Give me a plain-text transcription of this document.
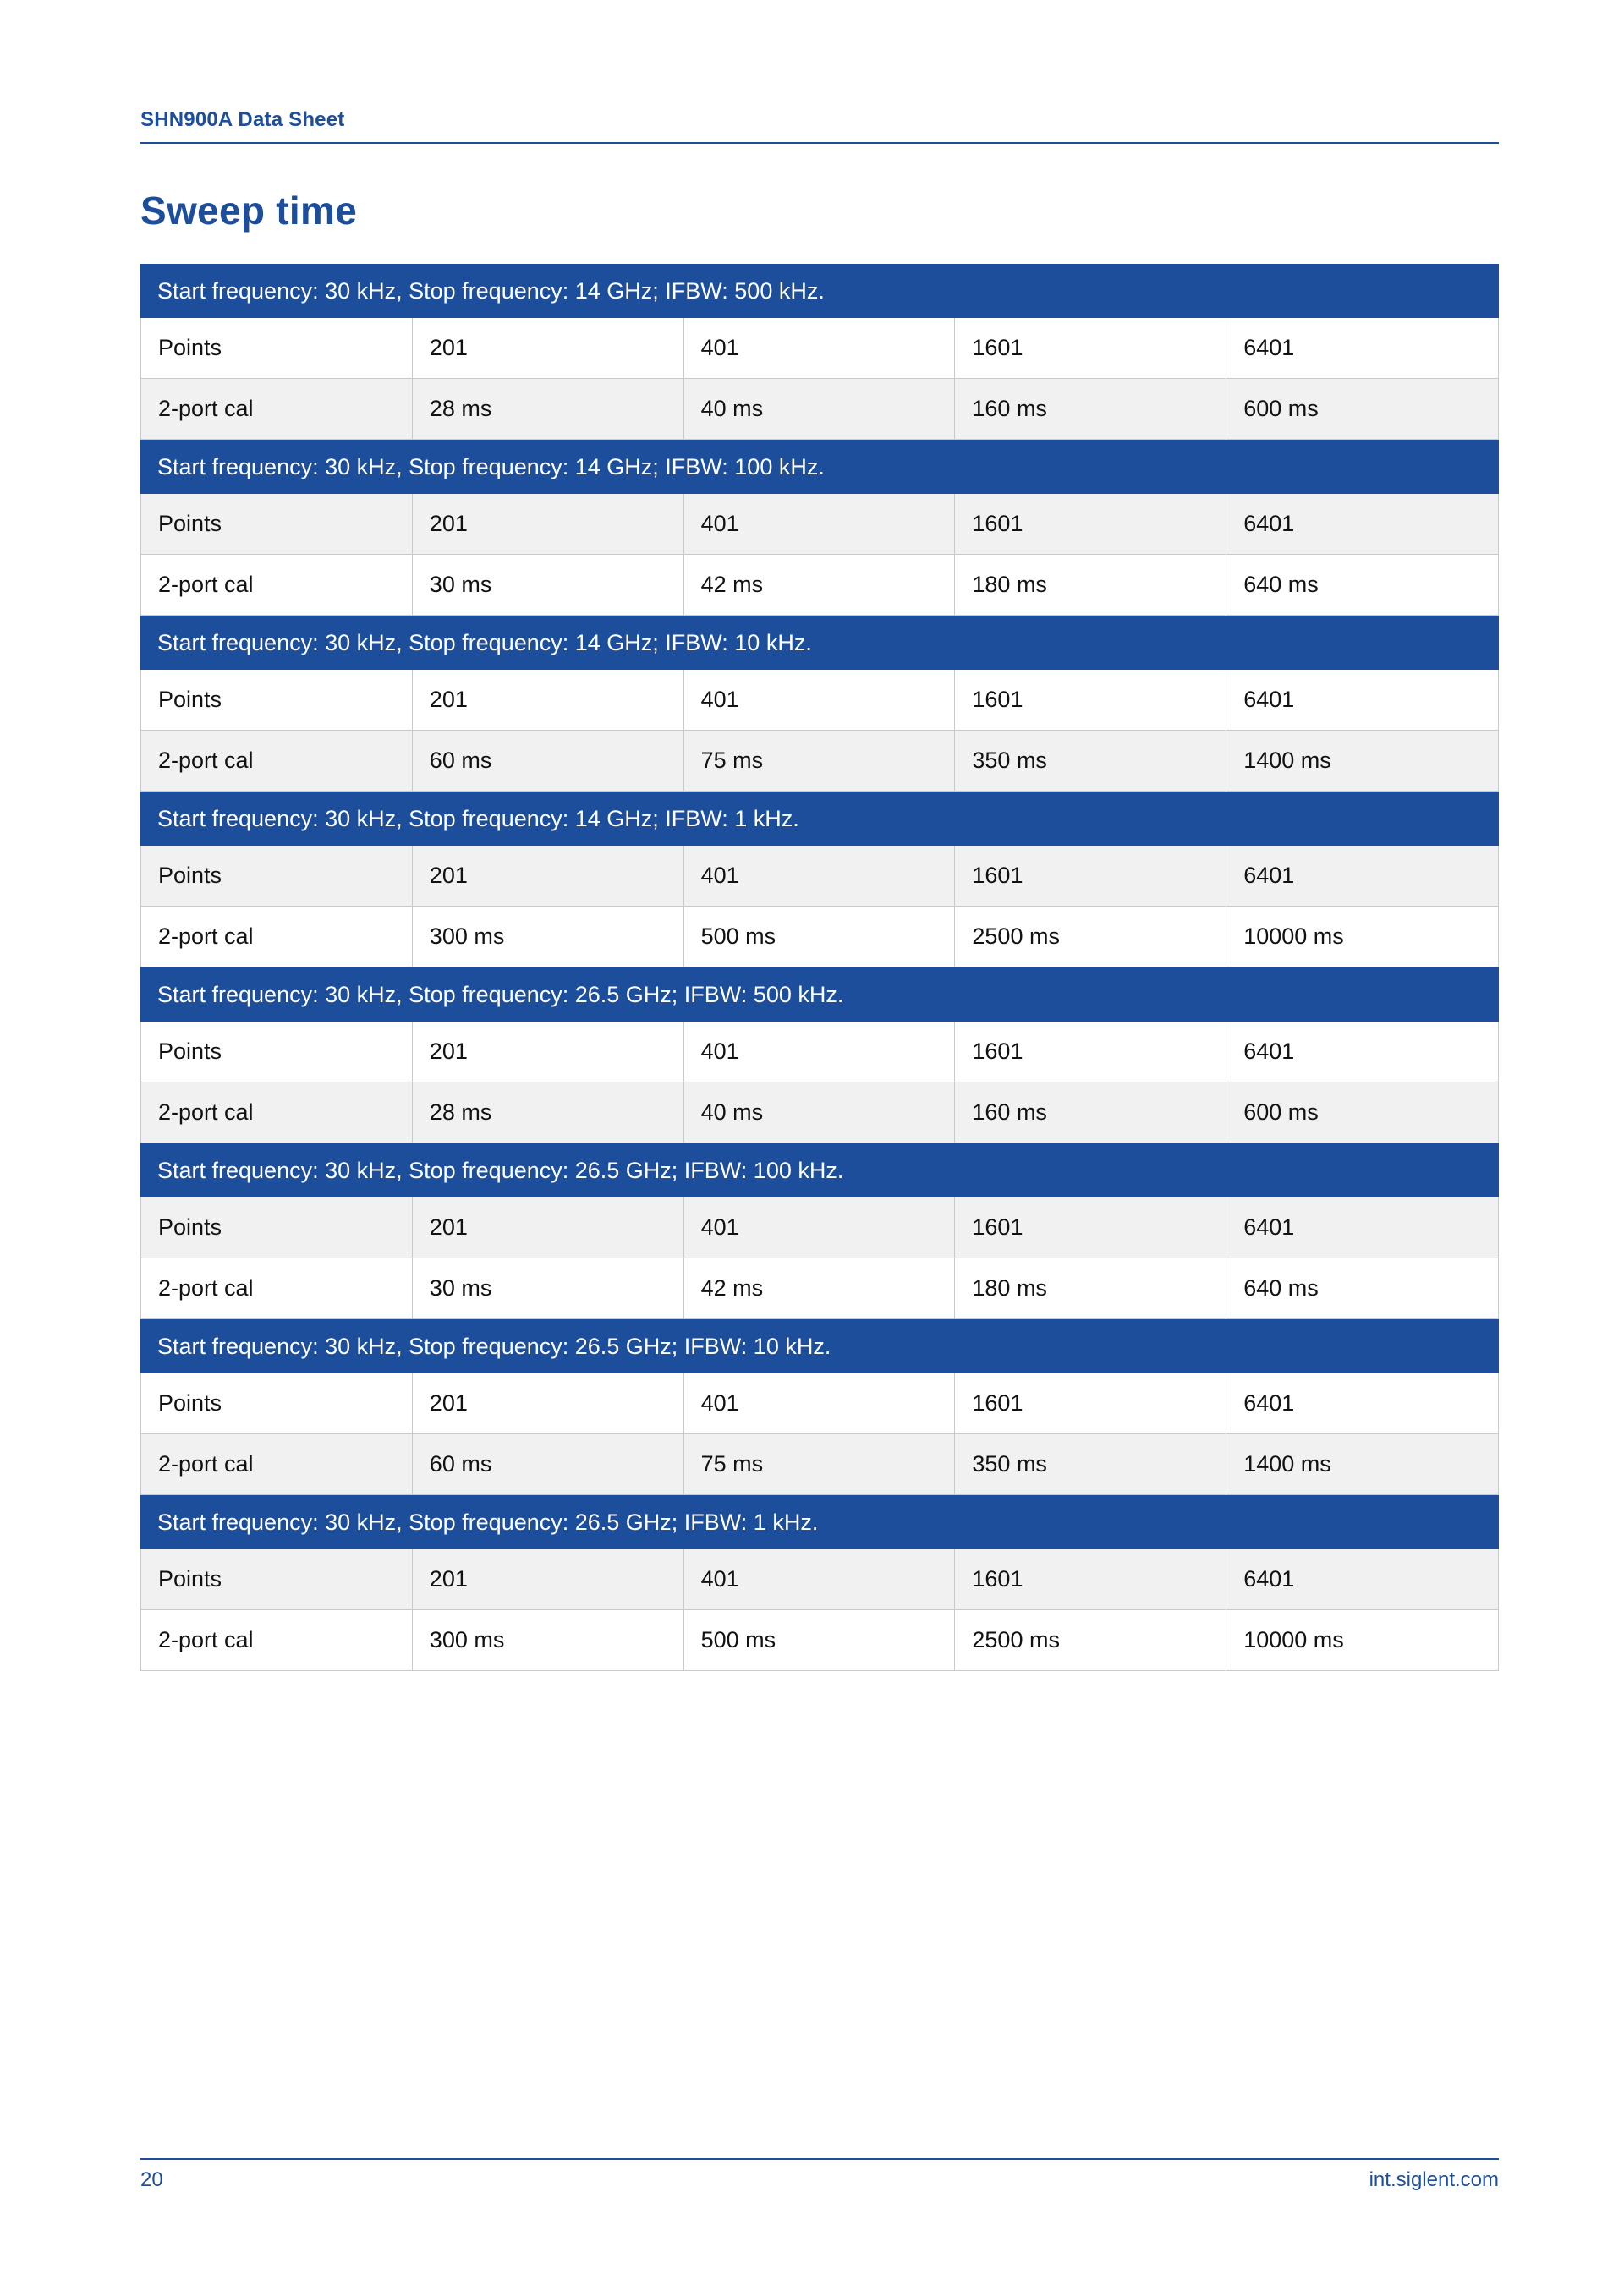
SHN900A Data Sheet
Sweep time
Start frequency: 30 kHz, Stop frequency: 14 GHz; IFBW: 500 kHz.
Points	201	401	1601	6401
2-port cal	28 ms	40 ms	160 ms	600 ms
Start frequency: 30 kHz, Stop frequency: 14 GHz; IFBW: 100 kHz.
Points	201	401	1601	6401
2-port cal	30 ms	42 ms	180 ms	640 ms
Start frequency: 30 kHz, Stop frequency: 14 GHz; IFBW: 10 kHz.
Points	201	401	1601	6401
2-port cal	60 ms	75 ms	350 ms	1400 ms
Start frequency: 30 kHz, Stop frequency: 14 GHz; IFBW: 1 kHz.
Points	201	401	1601	6401
2-port cal	300 ms	500 ms	2500 ms	10000 ms
Start frequency: 30 kHz, Stop frequency: 26.5 GHz; IFBW: 500 kHz.
Points	201	401	1601	6401
2-port cal	28 ms	40 ms	160 ms	600 ms
Start frequency: 30 kHz, Stop frequency: 26.5 GHz; IFBW: 100 kHz.
Points	201	401	1601	6401
2-port cal	30 ms	42 ms	180 ms	640 ms
Start frequency: 30 kHz, Stop frequency: 26.5 GHz; IFBW: 10 kHz.
Points	201	401	1601	6401
2-port cal	60 ms	75 ms	350 ms	1400 ms
Start frequency: 30 kHz, Stop frequency: 26.5 GHz; IFBW: 1 kHz.
Points	201	401	1601	6401
2-port cal	300 ms	500 ms	2500 ms	10000 ms
20	int.siglent.com
